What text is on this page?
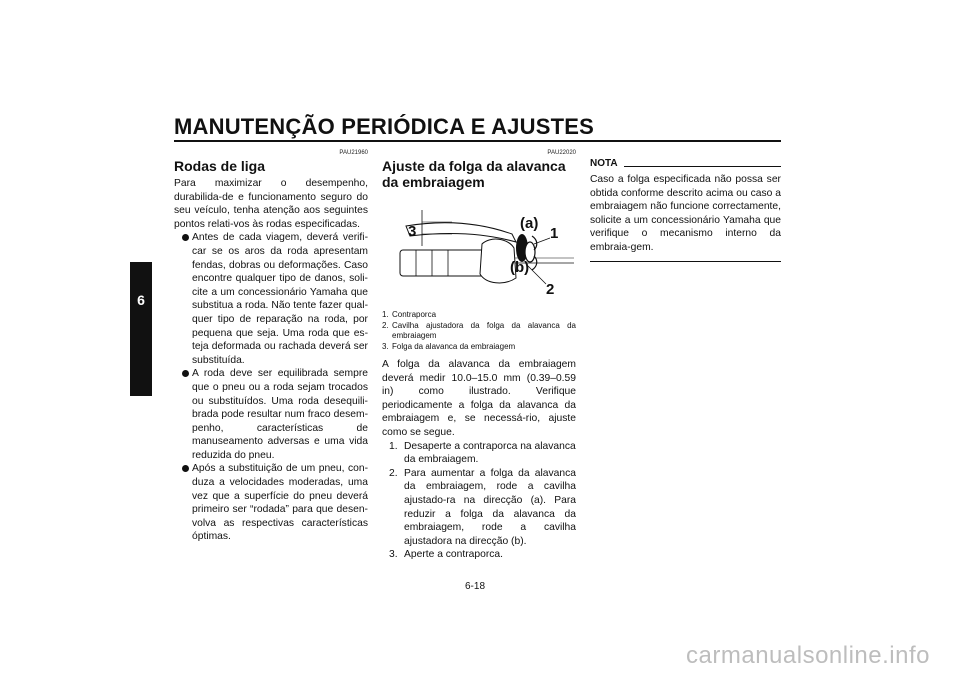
MANUTENÇÃO PERIÓDICA E AJUSTES
6
PAU21960
Rodas de liga
Para maximizar o desempenho, durabilida-de e funcionamento seguro do seu veículo, tenha atenção aos seguintes pontos relati-vos às rodas especificadas.
Antes de cada viagem, deverá verifi-car se os aros da roda apresentam fendas, dobras ou deformações. Caso encontre qualquer tipo de danos, soli-cite a um concessionário Yamaha que substitua a roda. Não tente fazer qual-quer tipo de reparação na roda, por pequena que seja. Uma roda que es-teja deformada ou rachada deverá ser substituída.
A roda deve ser equilibrada sempre que o pneu ou a roda sejam trocados ou substituídos. Uma roda desequili-brada pode resultar num fraco desem-penho, características de manuseamento adversas e uma vida reduzida do pneu.
Após a substituição de um pneu, con-duza a velocidades moderadas, uma vez que a superfície do pneu deverá primeiro ser “rodada” para que desen-volva as respectivas características óptimas.
PAU22020
Ajuste da folga da alavanca da embraiagem
3	(a)
1
(b)
2
1. Contraporca
2. Cavilha ajustadora da folga da alavanca da embraiagem
3. Folga da alavanca da embraiagem
A folga da alavanca da embraiagem deverá medir 10.0–15.0 mm (0.39–0.59 in) como ilustrado. Verifique periodicamente a folga da alavanca da embraiagem e, se necessá-rio, ajuste como se segue.
1. Desaperte a contraporca na alavanca da embraiagem.
2. Para aumentar a folga da alavanca da embraiagem, rode a cavilha ajustado-ra na direcção (a). Para reduzir a folga da alavanca da embraiagem, rode a cavilha ajustadora na direcção (b).
3. Aperte a contraporca.
NOTA
Caso a folga especificada não possa ser obtida conforme descrito acima ou caso a embraiagem não funcione correctamente, solicite a um concessionário Yamaha que verifique o mecanismo interno da embraia-gem.
6-18
carmanualsonline.info
